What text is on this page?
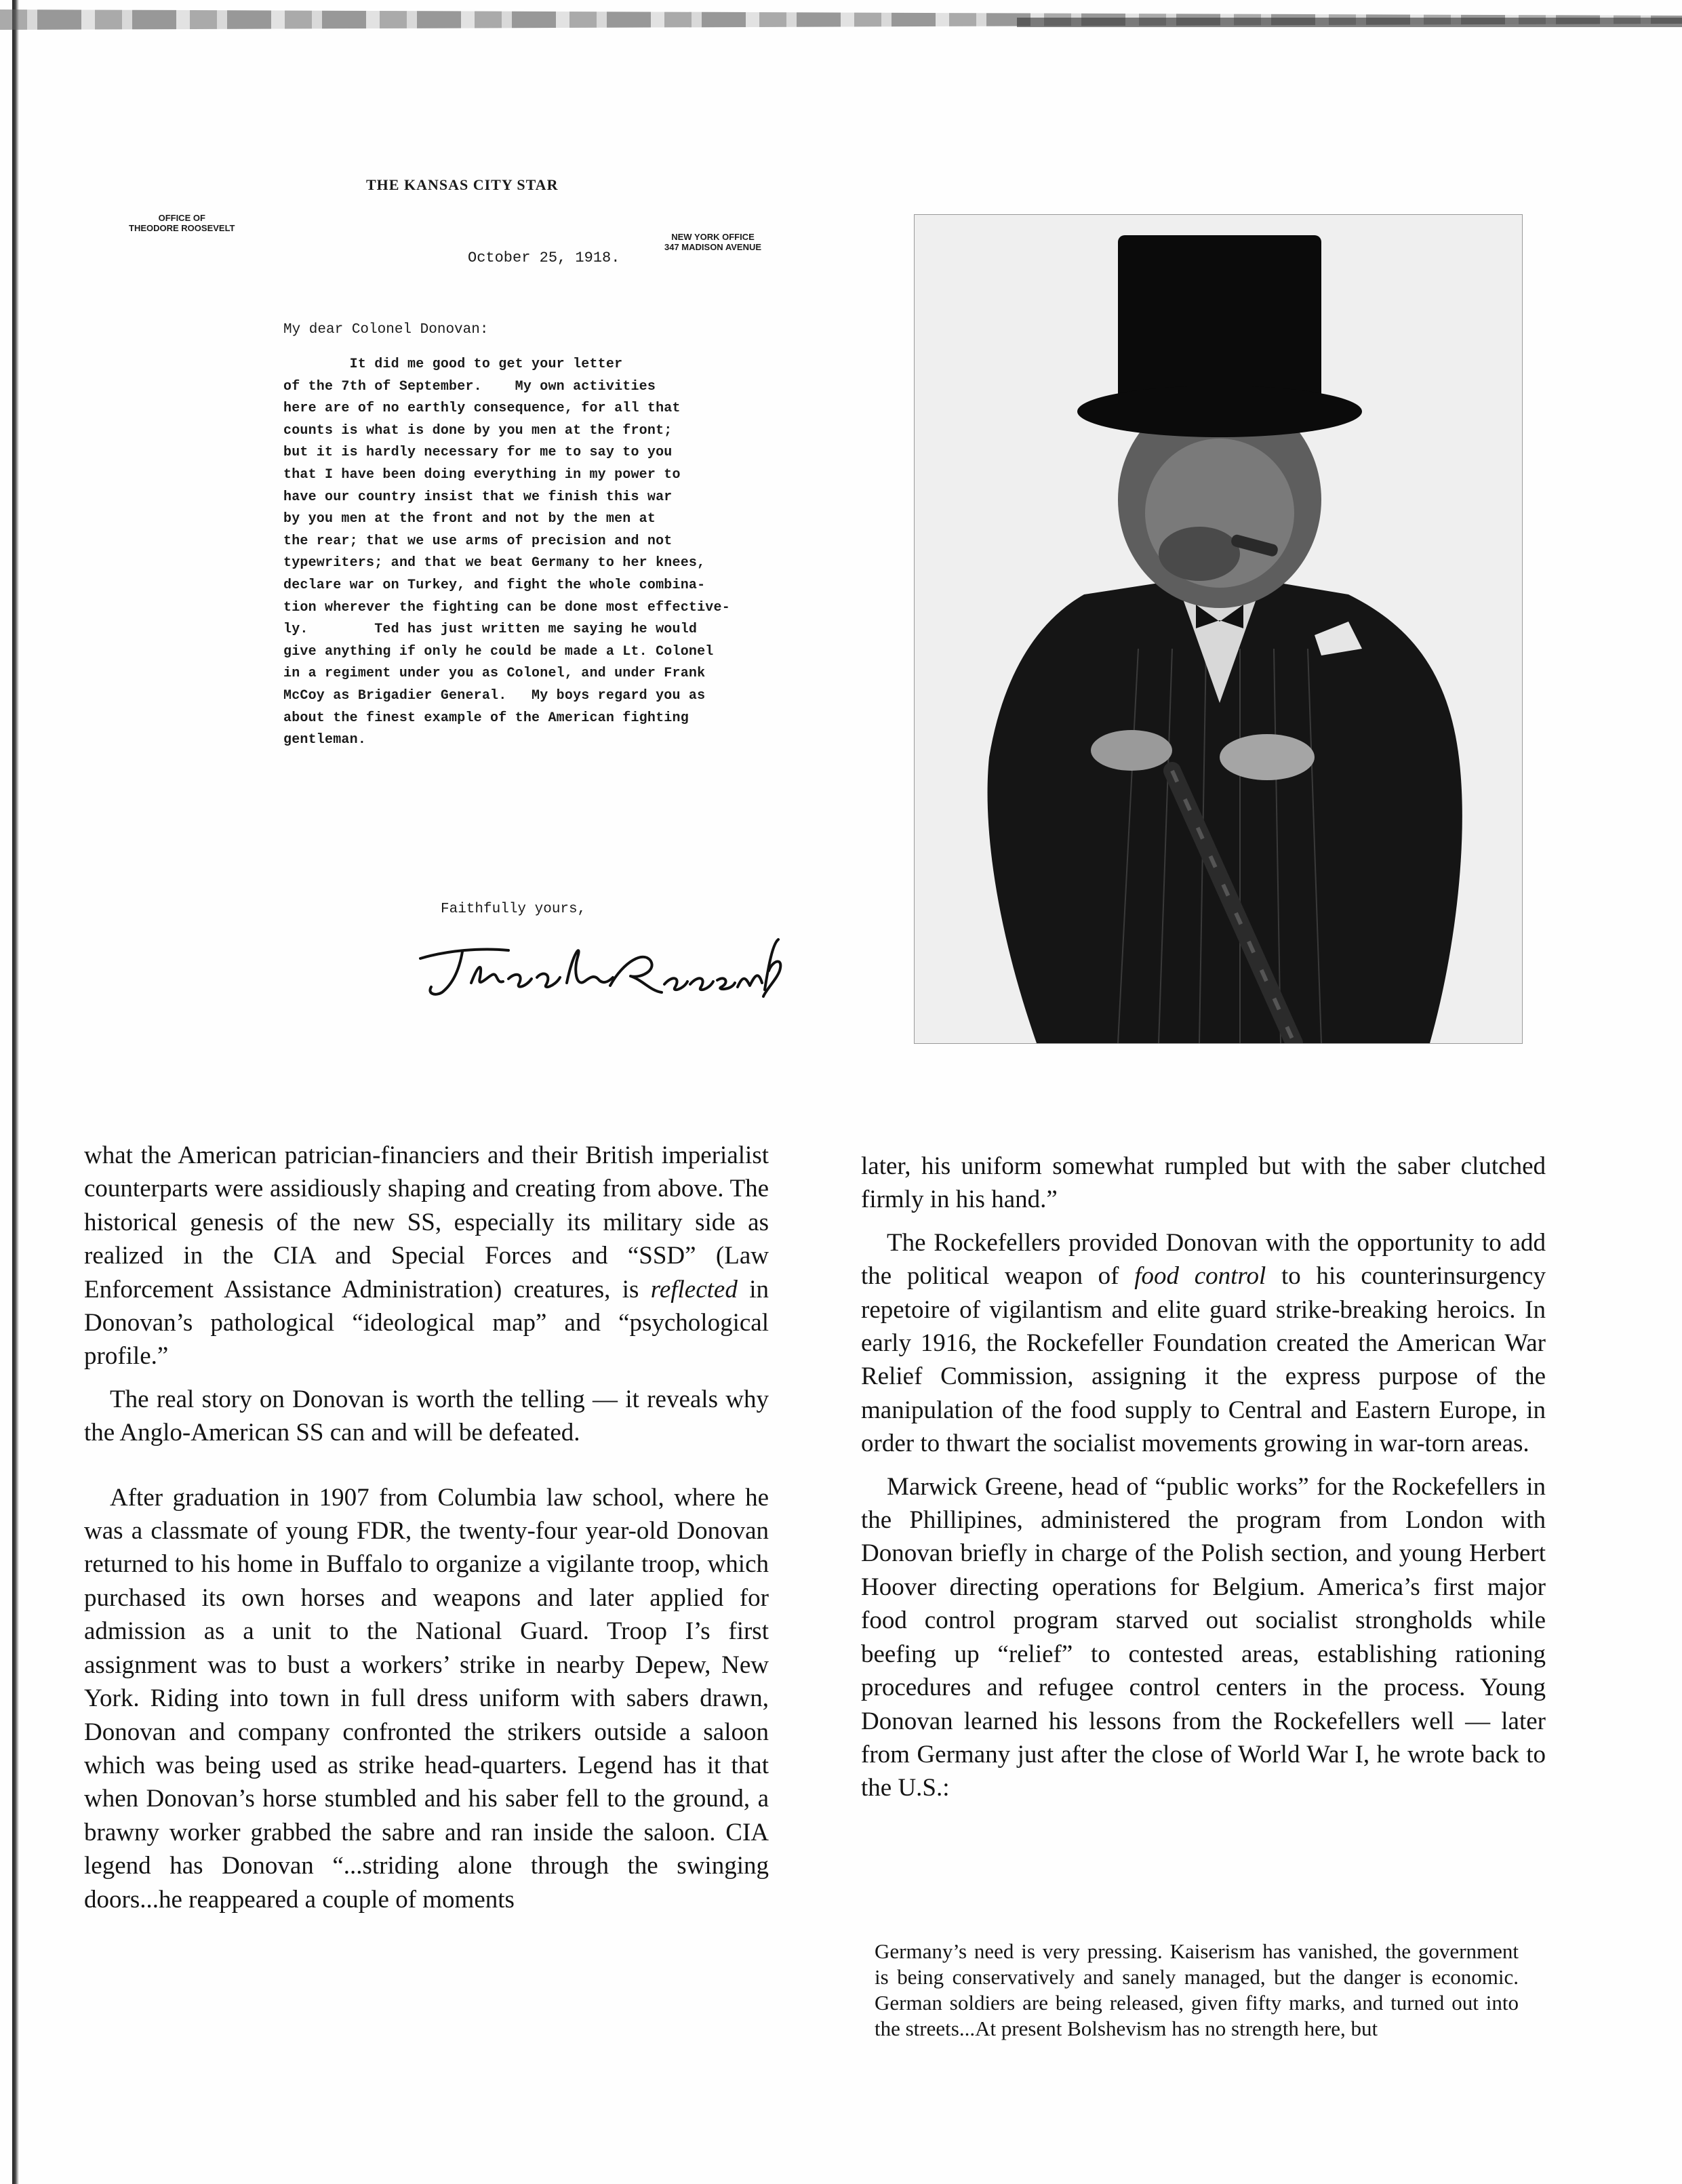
THE KANSAS CITY STAR
OFFICE OF
THEODORE ROOSEVELT
NEW YORK OFFICE
347 MADISON AVENUE
October 25, 1918.
My dear Colonel Donovan:
It did me good to get your letter
of the 7th of September.    My own activities
here are of no earthly consequence, for all that
counts is what is done by you men at the front;
but it is hardly necessary for me to say to you
that I have been doing everything in my power to
have our country insist that we finish this war
by you men at the front and not by the men at
the rear; that we use arms of precision and not
typewriters; and that we beat Germany to her knees,
declare war on Turkey, and fight the whole combina-
tion wherever the fighting can be done most effective-
ly.        Ted has just written me saying he would
give anything if only he could be made a Lt. Colonel
in a regiment under you as Colonel, and under Frank
McCoy as Brigadier General.   My boys regard you as
about the finest example of the American fighting
gentleman.
Faithfully yours,

what the American patrician-financiers and their British imperialist counterparts were assidiously shaping and creating from above. The historical genesis of the new SS, especially its military side as realized in the CIA and Special Forces and “SSD” (Law Enforcement Assistance Administration) creatures, is reflected in Donovan’s pathological “ideological map” and “psychological profile.”

The real story on Donovan is worth the telling — it reveals why the Anglo-American SS can and will be defeated.

After graduation in 1907 from Columbia law school, where he was a classmate of young FDR, the twenty-four year-old Donovan returned to his home in Buffalo to organize a vigilante troop, which purchased its own horses and weapons and later applied for admission as a unit to the National Guard. Troop I’s first assignment was to bust a workers’ strike in nearby Depew, New York. Riding into town in full dress uniform with sabers drawn, Donovan and company confronted the strikers outside a saloon which was being used as strike head-quarters. Legend has it that when Donovan’s horse stumbled and his saber fell to the ground, a brawny worker grabbed the sabre and ran inside the saloon. CIA legend has Donovan “...striding alone through the swinging doors...he reappeared a couple of moments

later, his uniform somewhat rumpled but with the saber clutched firmly in his hand.”

The Rockefellers provided Donovan with the opportunity to add the political weapon of food control to his counterinsurgency repetoire of vigilantism and elite guard strike-breaking heroics. In early 1916, the Rockefeller Foundation created the American War Relief Commission, assigning it the express purpose of the manipulation of the food supply to Central and Eastern Europe, in order to thwart the socialist movements growing in war-torn areas.

Marwick Greene, head of “public works” for the Rockefellers in the Phillipines, administered the program from London with Donovan briefly in charge of the Polish section, and young Herbert Hoover directing operations for Belgium. America’s first major food control program starved out socialist strongholds while beefing up “relief” to contested areas, establishing rationing procedures and refugee control centers in the process. Young Donovan learned his lessons from the Rockefellers well — later from Germany just after the close of World War I, he wrote back to the U.S.:

Germany’s need is very pressing. Kaiserism has vanished, the government is being conservatively and sanely managed, but the danger is economic. German soldiers are being released, given fifty marks, and turned out into the streets...At present Bolshevism has no strength here, but
